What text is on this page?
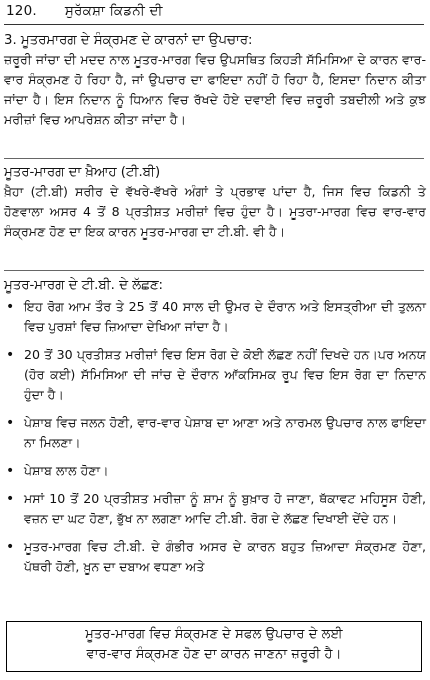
120. ਸੁਰੱਕਸ਼ਾ ਕਿਡਨੀ ਦੀ
3. ਮੂਤਰਮਾਰਗ ਦੇ ਸੰਕ੍ਰਮਣ ਦੇ ਕਾਰਨਾਂ ਦਾ ਉਪਚਾਰ:
ਜ਼ਰੂਰੀ ਜਾਂਚਾ ਦੀ ਮਦਦ ਨਾਲ ਮੂਤਰ-ਮਾਰਗ ਵਿਚ ਉਪਸਥਿਤ ਕਿਹੜੀ ਸੱਮਿਸਿਆ ਦੇ ਕਾਰਨ ਵਾਰ-ਵਾਰ ਸੰਕ੍ਰਮਣ ਹੋ ਰਿਹਾ ਹੈ, ਜਾਂ ਉਪਚਾਰ ਦਾ ਫਾਇਦਾ ਨਹੀਂ ਹੋ ਰਿਹਾ ਹੈ, ਇਸਦਾ ਨਿਦਾਨ ਕੀਤਾ ਜਾਂਦਾ ਹੈ। ਇਸ ਨਿਦਾਨ ਨੂੰ ਧਿਆਨ ਵਿਚ ਰੱਖਦੇ ਹੋਏ ਦਵਾਈ ਵਿਚ ਜ਼ਰੂਰੀ ਤਬਦੀਲੀ ਅਤੇ ਕੁਝ ਮਰੀਜ਼ਾਂ ਵਿਚ ਆਪਰੇਸ਼ਨ ਕੀਤਾ ਜਾਂਦਾ ਹੈ।
ਮੂਤਰ-ਮਾਰਗ ਦਾ ਖ਼ੈਆਹ (ਟੀ.ਬੀ)
ਖ਼ੈਹਾ (ਟੀ.ਬੀ) ਸਰੀਰ ਦੇ ਵੱਖਰੇ-ਵੱਖਰੇ ਅੰਗਾਂ ਤੇ ਪ੍ਰਭਾਵ ਪਾਂਦਾ ਹੈ, ਜਿਸ ਵਿਚ ਕਿਡਨੀ ਤੇ ਹੋਣਵਾਲਾ ਅਸਰ 4 ਤੋਂ 8 ਪ੍ਰਤੀਸ਼ਤ ਮਰੀਜ਼ਾਂ ਵਿਚ ਹੁੰਦਾ ਹੈ। ਮੂਤਰਾ-ਮਾਰਗ ਵਿਚ ਵਾਰ-ਵਾਰ ਸੰਕ੍ਰਮਣ ਹੋਣ ਦਾ ਇਕ ਕਾਰਨ ਮੂਤਰ-ਮਾਰਗ ਦਾ ਟੀ.ਬੀ. ਵੀ ਹੈ।
ਮੂਤਰ-ਮਾਰਗ ਦੇ ਟੀ.ਬੀ. ਦੇ ਲੱਛਣ:
• ਇਹ ਰੋਗ ਆਮ ਤੌਰ ਤੇ 25 ਤੋਂ 40 ਸਾਲ ਦੀ ਉਮਰ ਦੇ ਦੌਰਾਨ ਅਤੇ ਇਸਤ੍ਰੀਆ ਦੀ ਤੁਲਨਾ ਵਿਚ ਪੁਰਸ਼ਾਂ ਵਿਚ ਜ਼ਿਆਦਾ ਦੇਖਿਆ ਜਾਂਦਾ ਹੈ।
• 20 ਤੋਂ 30 ਪ੍ਰਤੀਸ਼ਤ ਮਰੀਜ਼ਾਂ ਵਿਚ ਇਸ ਰੋਗ ਦੇ ਕੋਈ ਲੱਛਣ ਨਹੀਂ ਦਿਖਦੇ ਹਨ।ਪਰ ਅਨਯ (ਹੋਰ ਕਈ) ਸੱਮਿਸਿਆ ਦੀ ਜਾਂਚ ਦੇ ਦੌਰਾਨ ਆੱਕਸਿਮਕ ਰੂਪ ਵਿਚ ਇਸ ਰੋਗ ਦਾ ਨਿਦਾਨ ਹੁੰਦਾ ਹੈ।
• ਪੇਸ਼ਾਬ ਵਿਚ ਜਲਨ ਹੋਣੀ, ਵਾਰ-ਵਾਰ ਪੇਸ਼ਾਬ ਦਾ ਆਣਾ ਅਤੇ ਨਾਰਮਲ ਉਪਚਾਰ ਨਾਲ ਫਾਇਦਾ ਨਾ ਮਿਲਣਾ।
• ਪੇਸ਼ਾਬ ਲਾਲ ਹੋਣਾ।
• ਮਸਾਂ 10 ਤੋਂ 20 ਪ੍ਰਤੀਸ਼ਤ ਮਰੀਜ਼ਾ ਨੂੰ ਸ਼ਾਮ ਨੂੰ ਬੁਖ਼ਾਰ ਹੋ ਜਾਣਾ, ਥੱਕਾਵਟ ਮਹਿਸੂਸ ਹੋਣੀ, ਵਜ਼ਨ ਦਾ ਘਟ ਹੋਣਾ, ਭੁੱਖ ਨਾ ਲਗਣਾ ਆਦਿ ਟੀ.ਬੀ. ਰੋਗ ਦੇ ਲੱਛਣ ਦਿਖਾਈ ਦੇਂਦੇ ਹਨ।
• ਮੂਤਰ-ਮਾਰਗ ਵਿਚ ਟੀ.ਬੀ. ਦੇ ਗੰਭੀਰ ਅਸਰ ਦੇ ਕਾਰਨ ਬਹੁਤ ਜ਼ਿਆਦਾ ਸੰਕ੍ਰਮਣ ਹੋਣਾ, ਪੱਥਰੀ ਹੋਣੀ, ਖ਼ੂਨ ਦਾ ਦਬਾਅ ਵਧਣਾ ਅਤੇ
ਮੂਤਰ-ਮਾਰਗ ਵਿਚ ਸੰਕ੍ਰਮਣ ਦੇ ਸਫਲ ਉਪਚਾਰ ਦੇ ਲਈ
ਵਾਰ-ਵਾਰ ਸੰਕ੍ਰਮਣ ਹੋਣ ਦਾ ਕਾਰਨ ਜਾਣਨਾ ਜ਼ਰੂਰੀ ਹੈ।
